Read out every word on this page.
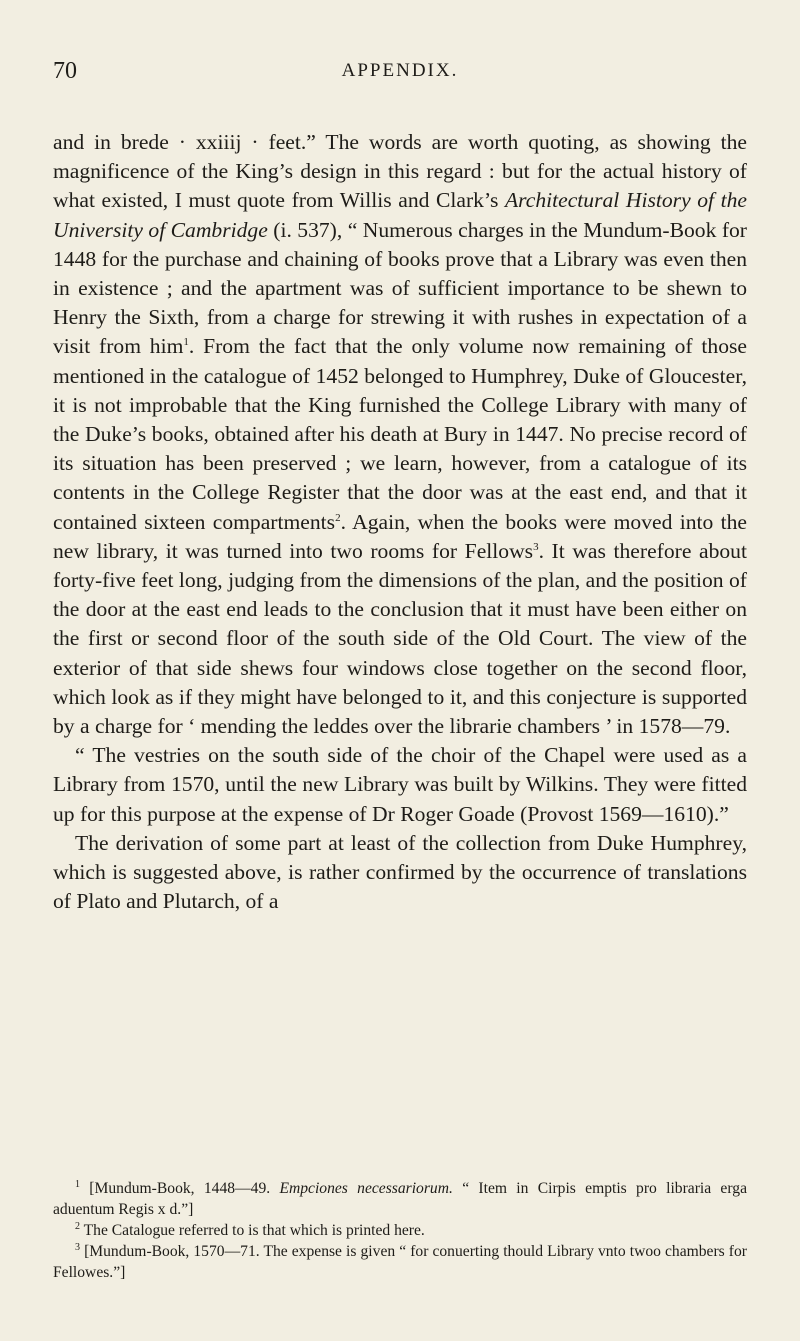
70	APPENDIX.

and in brede · xxiiij · feet.” The words are worth quoting, as showing the magnificence of the King’s design in this regard : but for the actual history of what existed, I must quote from Willis and Clark’s Architectural History of the University of Cambridge (i. 537), “ Numerous charges in the Mundum-Book for 1448 for the purchase and chaining of books prove that a Library was even then in existence ; and the apartment was of sufficient importance to be shewn to Henry the Sixth, from a charge for strewing it with rushes in expectation of a visit from him$^1$. From the fact that the only volume now remaining of those mentioned in the catalogue of 1452 belonged to Humphrey, Duke of Gloucester, it is not improbable that the King furnished the College Library with many of the Duke’s books, obtained after his death at Bury in 1447. No precise record of its situation has been preserved ; we learn, however, from a catalogue of its contents in the College Register that the door was at the east end, and that it contained sixteen compartments$^2$. Again, when the books were moved into the new library, it was turned into two rooms for Fellows$^3$. It was therefore about forty-five feet long, judging from the dimensions of the plan, and the position of the door at the east end leads to the conclusion that it must have been either on the first or second floor of the south side of the Old Court. The view of the exterior of that side shews four windows close together on the second floor, which look as if they might have belonged to it, and this conjecture is supported by a charge for ‘ mending the leddes over the librarie chambers ’ in 1578—79.

“ The vestries on the south side of the choir of the Chapel were used as a Library from 1570, until the new Library was built by Wilkins. They were fitted up for this purpose at the expense of Dr Roger Goade (Provost 1569—1610).”

The derivation of some part at least of the collection from Duke Humphrey, which is suggested above, is rather confirmed by the occurrence of translations of Plato and Plutarch, of a

$^1$ [Mundum-Book, 1448—49. Empciones necessariorum. “ Item in Cirpis emptis pro libraria erga aduentum Regis x d.”]

$^2$ The Catalogue referred to is that which is printed here.

$^3$ [Mundum-Book, 1570—71. The expense is given “ for conuerting thould Library vnto twoo chambers for Fellowes.”]
